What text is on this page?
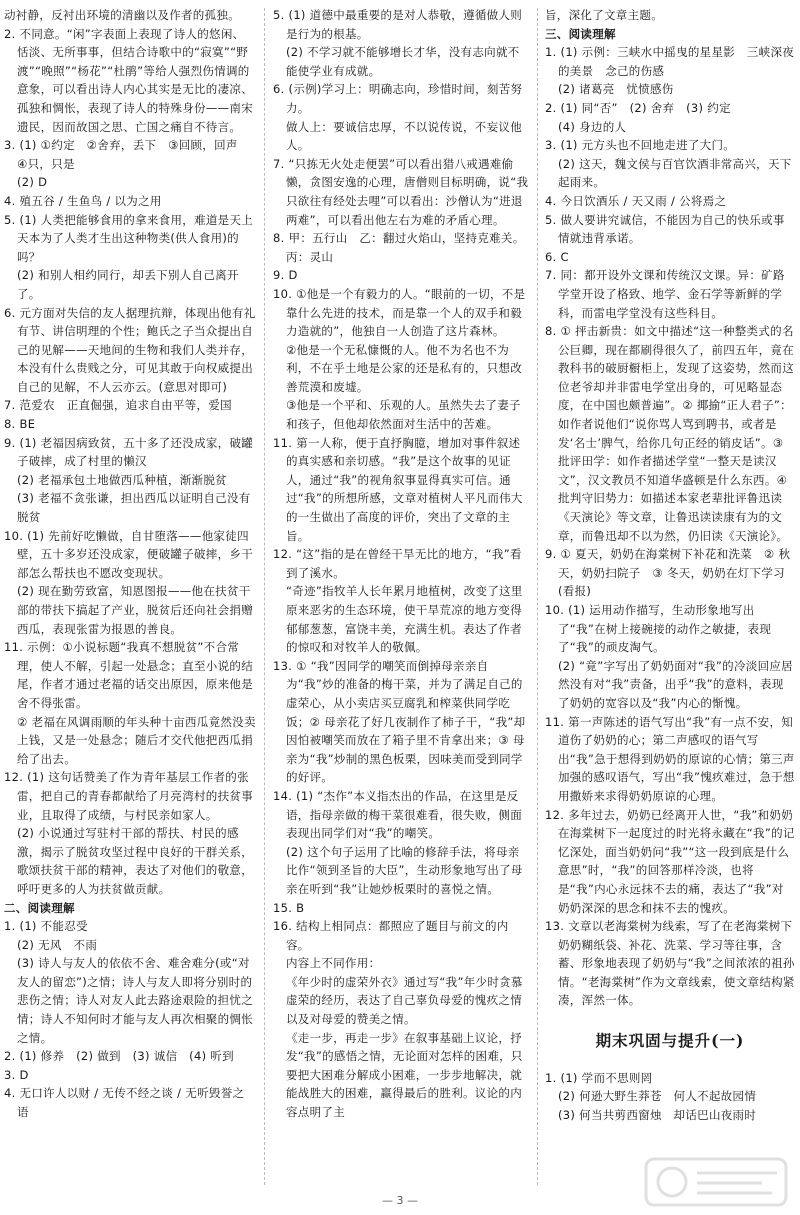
动衬静，反衬出环境的清幽以及作者的孤独。
2. 不同意。“闲”字表面上表现了诗人的悠闲、恬淡、无所事事，但结合诗歌中的“寂寞”“野渡”“晚照”“杨花”“杜鹃”等给人强烈伤情调的意象，可以看出诗人内心其实是无比的凄凉、孤独和惆怅，表现了诗人的特殊身份——南宋遗民，因而故国之思、亡国之痛自不待言。
3. (1) ①约定　②舍弃，丢下　③回顾，回声　④只，只是
(2) D
4. 殖五谷 / 生鱼鸟 / 以为之用
5. (1) 人类把能够食用的拿来食用，难道是天上天本为了人类才生出这种物类(供人食用)的吗？
(2) 和别人相约同行，却丢下别人自己离开了。
6. 元方面对失信的友人据理抗辩，体现出他有礼有节、讲信明理的个性；鲍氏之子当众提出自己的见解——天地间的生物和我们人类并存，本没有什么贵贱之分，可见其敢于向权威提出自己的见解，不人云亦云。(意思对即可)
7. 范爱农　正直倔强，追求自由平等，爱国
8. BE
9. (1) 老福因病致贫，五十多了还没成家，破罐子破摔，成了村里的懒汉
(2) 老福承包土地做西瓜种植，渐渐脱贫
(3) 老福不贪张谦，担出西瓜以证明自己没有脱贫
10. (1) 先前好吃懒做，自甘堕落——他家徒四壁，五十多岁还没成家，便破罐子破摔，乡干部怎么帮扶也不愿改变现状。
(2) 现在勤劳致富，知恩图报——他在扶贫干部的带扶下搞起了产业，脱贫后还向社会捐赠西瓜，表现张雷为报恩的善良。
11. 示例：①小说标题“我真不想脱贫”不合常理，使人不解，引起一处悬念；直至小说的结尾，作者才通过老福的话交出原因，原来他是舍不得张雷。
② 老福在风调雨顺的年头种十亩西瓜竟然没卖上钱，又是一处悬念；随后才交代他把西瓜捐给了出去。
12. (1) 这句话赞美了作为青年基层工作者的张雷，把自己的青春都献给了月亮湾村的扶贫事业，且取得了成绩，与村民亲如家人。
(2) 小说通过写驻村干部的帮扶、村民的感激，揭示了脱贫攻坚过程中良好的干群关系，歌颂扶贫干部的精神，表达了对他们的敬意，呼吁更多的人为扶贫做贡献。
二、阅读理解
1. (1) 不能忍受
(2) 无风　不雨
(3) 诗人与友人的依依不舍、难舍难分(或“对友人的留恋”)之情；诗人与友人即将分别时的悲伤之情；诗人对友人此去路途艰险的担忧之情；诗人不知何时才能与友人再次相聚的惆怅之情。
2. (1) 修养　(2) 做到　(3) 诚信　(4) 听到
3. D
4. 无口许人以财 / 无传不经之谈 / 无听毁誉之语
5. (1) 道德中最重要的是对人恭敬，遵循做人则是行为的根基。
(2) 不学习就不能够增长才华，没有志向就不能使学业有成就。
6. (示例)学习上：明确志向，珍惜时间，刻苦努力。
做人上：要诚信忠厚，不以说传说，不妄议他人。
7. “只拣无火处走便罢”可以看出猎八戒遇难偷懒，贪图安逸的心理，唐僧则目标明确，说“我只欲往有经处去哩”可以看出：沙僧认为“进退两难”，可以看出他左右为难的矛盾心理。
8. 甲：五行山　乙：翻过火焰山，坚持克难关。丙：灵山
9. D
10. ①他是一个有毅力的人。“眼前的一切，不是靠什么先进的技术，而是靠一个人的双手和毅力造就的”，他独自一人创造了这片森林。
②他是一个无私慷慨的人。他不为名也不为利，不在乎土地是公家的还是私有的，只想改善荒漠和废墟。
③他是一个平和、乐观的人。虽然失去了妻子和孩子，但他却依然面对生活中的苦难。
11. 第一人称，便于直抒胸臆，增加对事件叙述的真实感和亲切感。“我”是这个故事的见证人，通过“我”的视角叙事显得真实可信。通过“我”的所想所感，文章对植树人平凡而伟大的一生做出了高度的评价，突出了文章的主旨。
12. “这”指的是在曾经干旱无比的地方，“我”看到了溪水。
“奇迹”指牧羊人长年累月地植树，改变了这里原来恶劣的生态环境，使干旱荒凉的地方变得郁郁葱葱，富饶丰美，充满生机。表达了作者的惊叹和对牧羊人的敬佩。
13. ① “我”因同学的嘲笑而倒掉母亲亲自为“我”炒的准备的梅干菜，并为了满足自己的虚荣心，从小卖店买豆腐乳和榨菜供同学吃饭；② 母亲花了好几夜制作了柿子干，“我”却因怕被嘲笑而放在了箱子里不肯拿出来；③ 母亲为“我”炒制的黑色板栗，因味美而受到同学的好评。
14. (1) “杰作”本义指杰出的作品，在这里是反语，指母亲做的梅干菜很难看，很失败，侧面表现出同学们对“我”的嘲笑。
(2) 这个句子运用了比喻的修辞手法，将母亲比作“领到圣旨的大臣”，生动形象地写出了母亲在听到“我”让她炒板栗时的喜悦之情。
15. B
16. 结构上相同点：都照应了题目与前文的内容。
内容上不同作用：
《年少时的虚荣外衣》通过写“我”年少时贪慕虚荣的经历，表达了自己辜负母爱的愧疚之情以及对母爱的赞美之情。
《走一步，再走一步》在叙事基础上议论，抒发“我”的感悟之情，无论面对怎样的困难，只要把大困难分解成小困难，一步步地解决，就能战胜大的困难，赢得最后的胜利。议论的内容点明了主
旨，深化了文章主题。
三、阅读理解
1. (1) 示例：三峡水中摇曳的星星影　三峡深夜的美景　念己的伤感
(2) 诸葛亮　忧愤感伤
2. (1) 同“否”　(2) 舍弃　(3) 约定
(4) 身边的人
3. (1) 元方头也不回地走进了大门。
(2) 这天，魏文侯与百官饮酒非常高兴，天下起雨来。
4. 今日饮酒乐 / 天又雨 / 公将焉之
5. 做人要讲究诚信，不能因为自己的快乐或事情就违背承诺。
6. C
7. 同：都开设外文课和传统汉文课。异：矿路学堂开设了格致、地学、金石学等新鲜的学科，而雷电学堂没有这些科目。
8. ① 抨击新贵：如文中描述“这一种整类式的名公巨卿，现在都刷得很久了，前四五年，竟在教科书的破厨橱柜上，发现了这姿势，然而这位老爷却并非雷电学堂出身的，可见略显态度，在中国也颇普遍”。② 揶揄“正人君子”：如作者说他们“说你骂人骂到聘书，或者是发‘名士’脾气，给你几句正经的销皮话”。③ 批评田学：如作者描述学堂“一整天是读汉文”，汉文教员不知道华盛顿是什么东西。④ 批判守旧势力：如描述本家老辈批评鲁迅读《天演论》等文章，让鲁迅读读康有为的文章，而鲁迅却不以为然，仍旧读《天演论》。
9. ① 夏天，奶奶在海棠树下补花和洗菜　② 秋天，奶奶扫院子　③ 冬天，奶奶在灯下学习(看报)
10. (1) 运用动作描写，生动形象地写出了“我”在树上接碗接的动作之敏捷，表现了“我”的顽皮淘气。
(2) “竟”字写出了奶奶面对“我”的冷淡回应居然没有对“我”责备，出乎“我”的意料，表现了奶奶的宽容以及“我”内心的惭愧。
11. 第一声陈述的语气写出“我”有一点不安，知道伤了奶奶的心；第二声感叹的语气写出“我”急于想得到奶奶的原谅的心情；第三声加强的感叹语气，写出“我”愧疚难过，急于想用撒娇来求得奶奶原谅的心理。
12. 多年过去，奶奶已经离开人世，“我”和奶奶在海棠树下一起度过的时光将永藏在“我”的记忆深处，面当奶奶问“我”“这一段到底是什么意思”时，“我”的回答那样冷淡，也将是“我”内心永远抹不去的痛，表达了“我”对奶奶深深的思念和抹不去的愧疚。
13. 文章以老海棠树为线索，写了在老海棠树下奶奶糊纸袋、补花、洗菜、学习等往事，含蓄、形象地表现了奶奶与“我”之间浓浓的祖孙情。“老海棠树”作为文章线索，使文章结构紧凑，浑然一体。
期末巩固与提升(一)
1. (1) 学而不思则罔
(2) 何逊大野生莽苍　何人不起故园情
(3) 何当共剪西窗烛　却话巴山夜雨时
— 3 —
